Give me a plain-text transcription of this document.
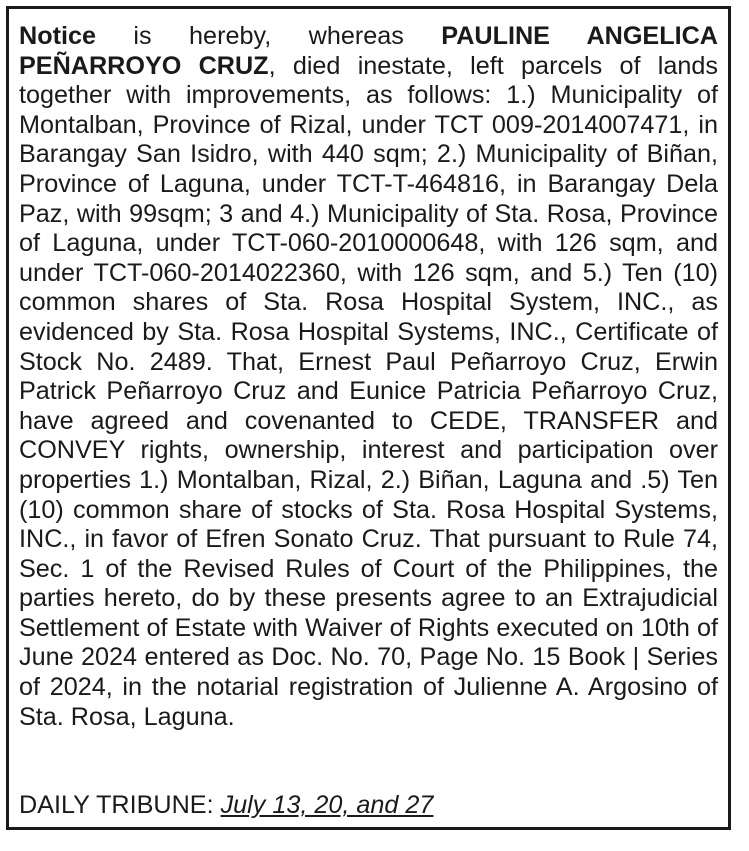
Notice is hereby, whereas PAULINE ANGELICA PEÑARROYO CRUZ, died inestate, left parcels of lands together with improvements, as follows: 1.) Municipality of Montalban, Province of Rizal, under TCT 009-2014007471, in Barangay San Isidro, with 440 sqm; 2.) Municipality of Biñan, Province of Laguna, under TCT-T-464816, in Barangay Dela Paz, with 99sqm; 3 and 4.) Municipality of Sta. Rosa, Province of Laguna, under TCT-060-2010000648, with 126 sqm, and under TCT-060-2014022360, with 126 sqm, and 5.) Ten (10) common shares of Sta. Rosa Hospital System, INC., as evidenced by Sta. Rosa Hospital Systems, INC., Certificate of Stock No. 2489. That, Ernest Paul Peñarroyo Cruz, Erwin Patrick Peñarroyo Cruz and Eunice Patricia Peñarroyo Cruz, have agreed and covenanted to CEDE, TRANSFER and CONVEY rights, ownership, interest and participation over properties 1.) Montalban, Rizal, 2.) Biñan, Laguna and .5) Ten (10) common share of stocks of Sta. Rosa Hospital Systems, INC., in favor of Efren Sonato Cruz. That pursuant to Rule 74, Sec. 1 of the Revised Rules of Court of the Philippines, the parties hereto, do by these presents agree to an Extrajudicial Settlement of Estate with Waiver of Rights executed on 10th of June 2024 entered as Doc. No. 70, Page No. 15 Book | Series of 2024, in the notarial registration of Julienne A. Argosino of Sta. Rosa, Laguna.

DAILY TRIBUNE: July 13, 20, and 27
